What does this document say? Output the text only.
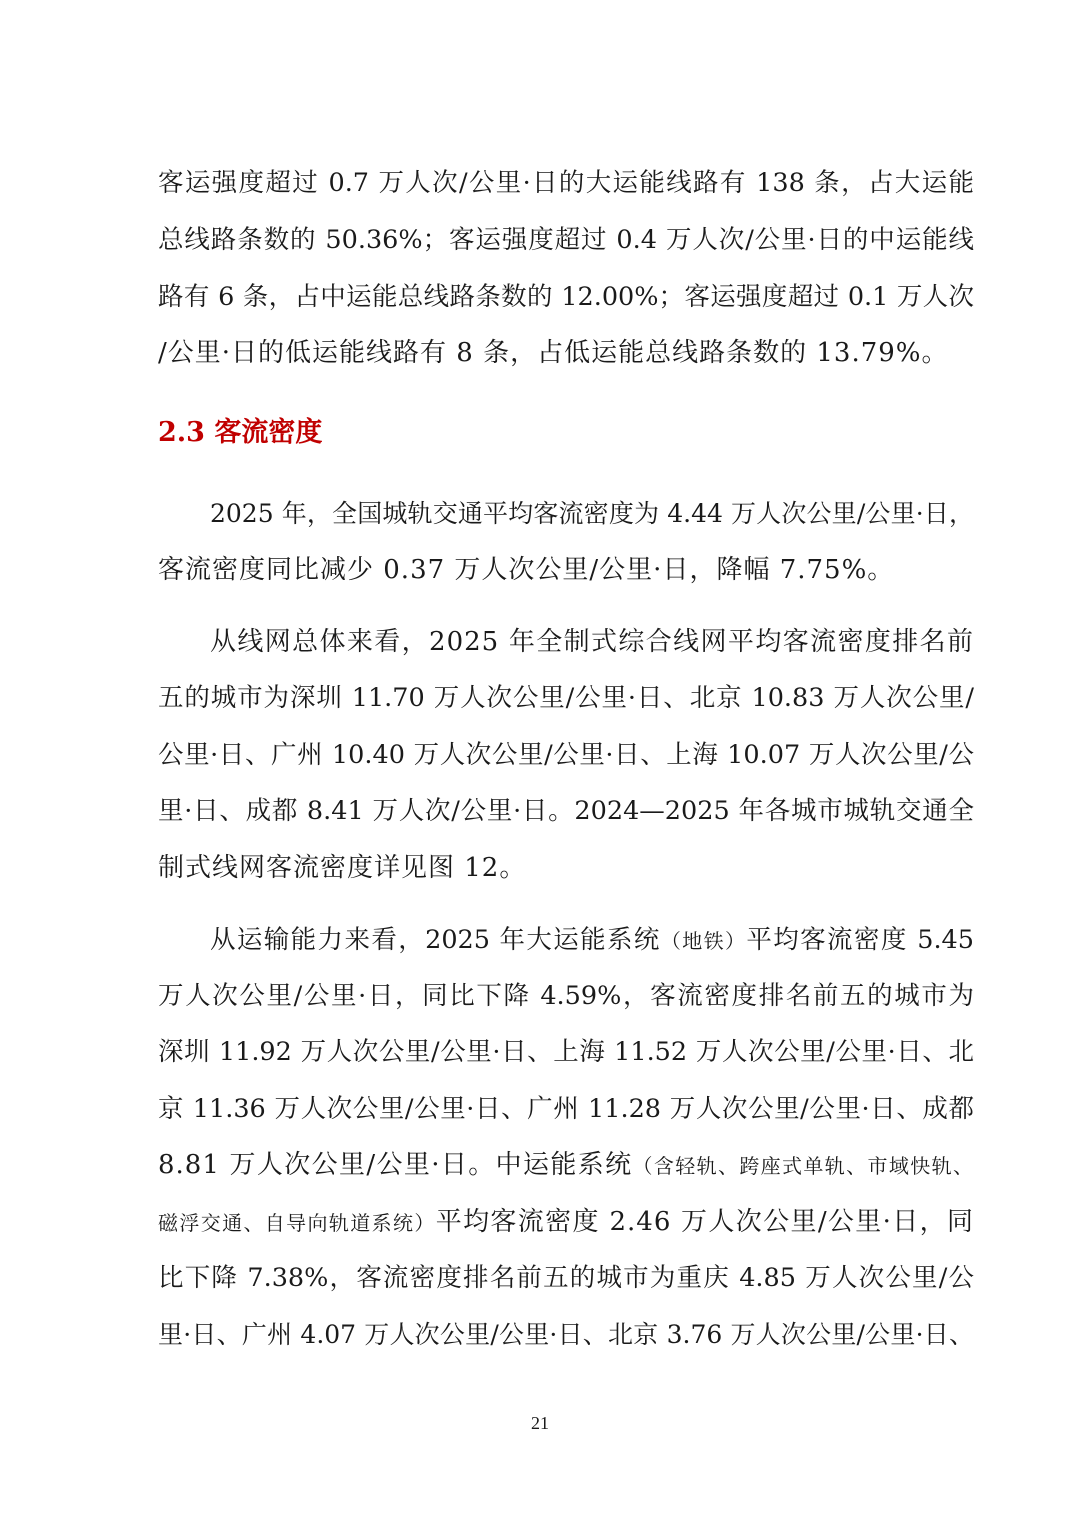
客运强度超过 0.7 万人次/公里·日的大运能线路有 138 条，占大运能
总线路条数的 50.36%；客运强度超过 0.4 万人次/公里·日的中运能线
路有 6 条，占中运能总线路条数的 12.00%；客运强度超过 0.1 万人次
/公里·日的低运能线路有 8 条，占低运能总线路条数的 13.79%。
2.3 客流密度
2025 年，全国城轨交通平均客流密度为 4.44 万人次公里/公里·日，
客流密度同比减少 0.37 万人次公里/公里·日，降幅 7.75%。
从线网总体来看，2025 年全制式综合线网平均客流密度排名前
五的城市为深圳 11.70 万人次公里/公里·日、北京 10.83 万人次公里/
公里·日、广州 10.40 万人次公里/公里·日、上海 10.07 万人次公里/公
里·日、成都 8.41 万人次/公里·日。2024—2025 年各城市城轨交通全
制式线网客流密度详见图 12。
从运输能力来看，2025 年大运能系统（地铁）平均客流密度 5.45
万人次公里/公里·日，同比下降 4.59%，客流密度排名前五的城市为
深圳 11.92 万人次公里/公里·日、上海 11.52 万人次公里/公里·日、北
京 11.36 万人次公里/公里·日、广州 11.28 万人次公里/公里·日、成都
8.81 万人次公里/公里·日。中运能系统（含轻轨、跨座式单轨、市域快轨、
磁浮交通、自导向轨道系统）平均客流密度 2.46 万人次公里/公里·日，同
比下降 7.38%，客流密度排名前五的城市为重庆 4.85 万人次公里/公
里·日、广州 4.07 万人次公里/公里·日、北京 3.76 万人次公里/公里·日、
21
